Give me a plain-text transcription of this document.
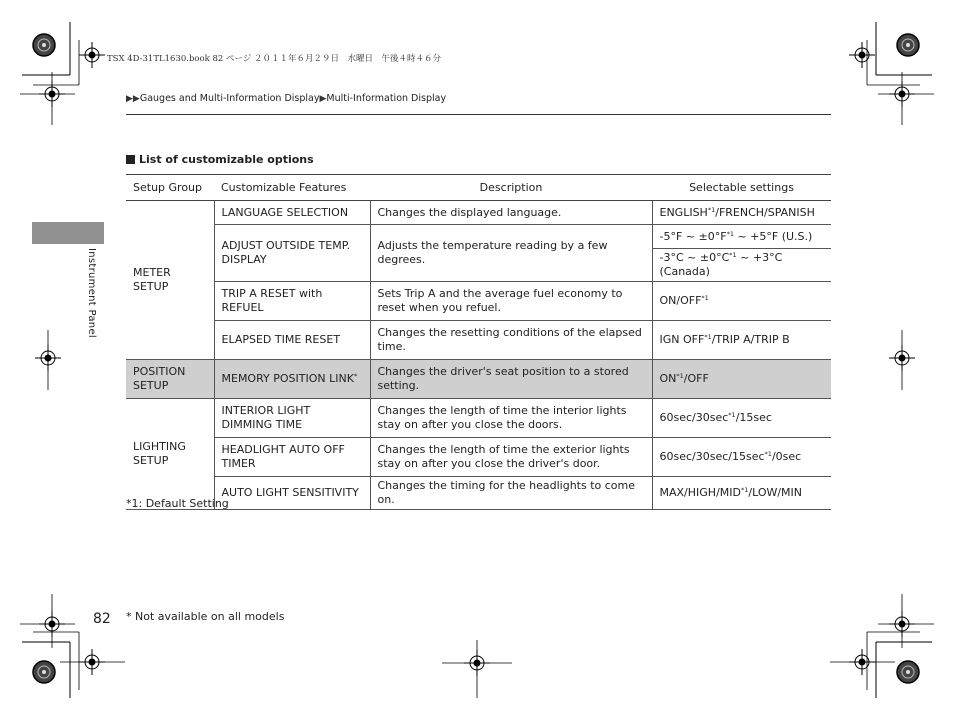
TSX 4D-31TL1630.book 82 ページ ２０１１年６月２９日　水曜日　午後４時４６分
▶▶Gauges and Multi-Information Display▶Multi-Information Display
Instrument Panel
List of customizable options
Setup Group	Customizable Features	Description	Selectable settings
METER SETUP	LANGUAGE SELECTION	Changes the displayed language.	ENGLISH$^{*1}$/FRENCH/SPANISH
	ADJUST OUTSIDE TEMP. DISPLAY	Adjusts the temperature reading by a few degrees.	-5°F ~ $\pm 0^\circ F^{*1}$ ~ +5°F (U.S.)
			-3°C ~ $\pm 0^\circ C^{*1}$ ~ +3°C (Canada)
	TRIP A RESET with REFUEL	Sets Trip A and the average fuel economy to reset when you refuel.	ON/OFF$^{*1}$
	ELAPSED TIME RESET	Changes the resetting conditions of the elapsed time.	IGN OFF$^{*1}$/TRIP A/TRIP B
POSITION SETUP	MEMORY POSITION LINK*	Changes the driver's seat position to a stored setting.	ON$^{*1}$/OFF
LIGHTING SETUP	INTERIOR LIGHT DIMMING TIME	Changes the length of time the interior lights stay on after you close the doors.	$60\sec/30\sec^{*1}/15\sec$
	HEADLIGHT AUTO OFF TIMER	Changes the length of time the exterior lights stay on after you close the driver's door.	$60\sec/30\sec/15\sec^{*1}/0\sec$
	AUTO LIGHT SENSITIVITY	Changes the timing for the headlights to come on.	MAX/HIGH/MID$^{*1}$/LOW/MIN
*1: Default Setting
82 * Not available on all models
